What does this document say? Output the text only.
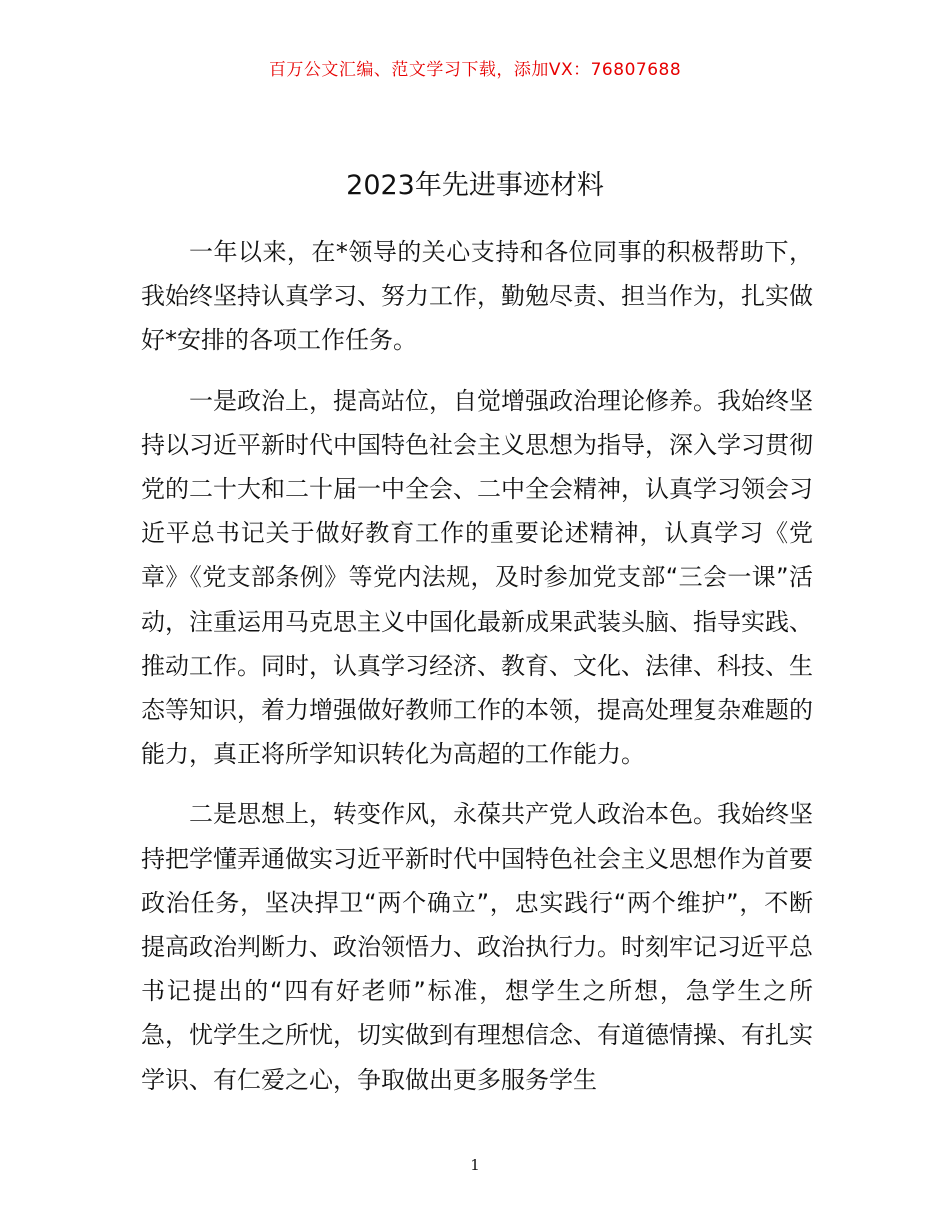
百万公文汇编、范文学习下载，添加VX：76807688
2023年先进事迹材料

一年以来，在*领导的关心支持和各位同事的积极帮助下，我始终坚持认真学习、努力工作，勤勉尽责、担当作为，扎实做好*安排的各项工作任务。

一是政治上，提高站位，自觉增强政治理论修养。我始终坚持以习近平新时代中国特色社会主义思想为指导，深入学习贯彻党的二十大和二十届一中全会、二中全会精神，认真学习领会习近平总书记关于做好教育工作的重要论述精神，认真学习《党章》《党支部条例》等党内法规，及时参加党支部“三会一课”活动，注重运用马克思主义中国化最新成果武装头脑、指导实践、推动工作。同时，认真学习经济、教育、文化、法律、科技、生态等知识，着力增强做好教师工作的本领，提高处理复杂难题的能力，真正将所学知识转化为高超的工作能力。

二是思想上，转变作风，永葆共产党人政治本色。我始终坚持把学懂弄通做实习近平新时代中国特色社会主义思想作为首要政治任务，坚决捍卫“两个确立”，忠实践行“两个维护”，不断提高政治判断力、政治领悟力、政治执行力。时刻牢记习近平总书记提出的“四有好老师”标准，想学生之所想，急学生之所急，忧学生之所忧，切实做到有理想信念、有道德情操、有扎实学识、有仁爱之心，争取做出更多服务学生

1
